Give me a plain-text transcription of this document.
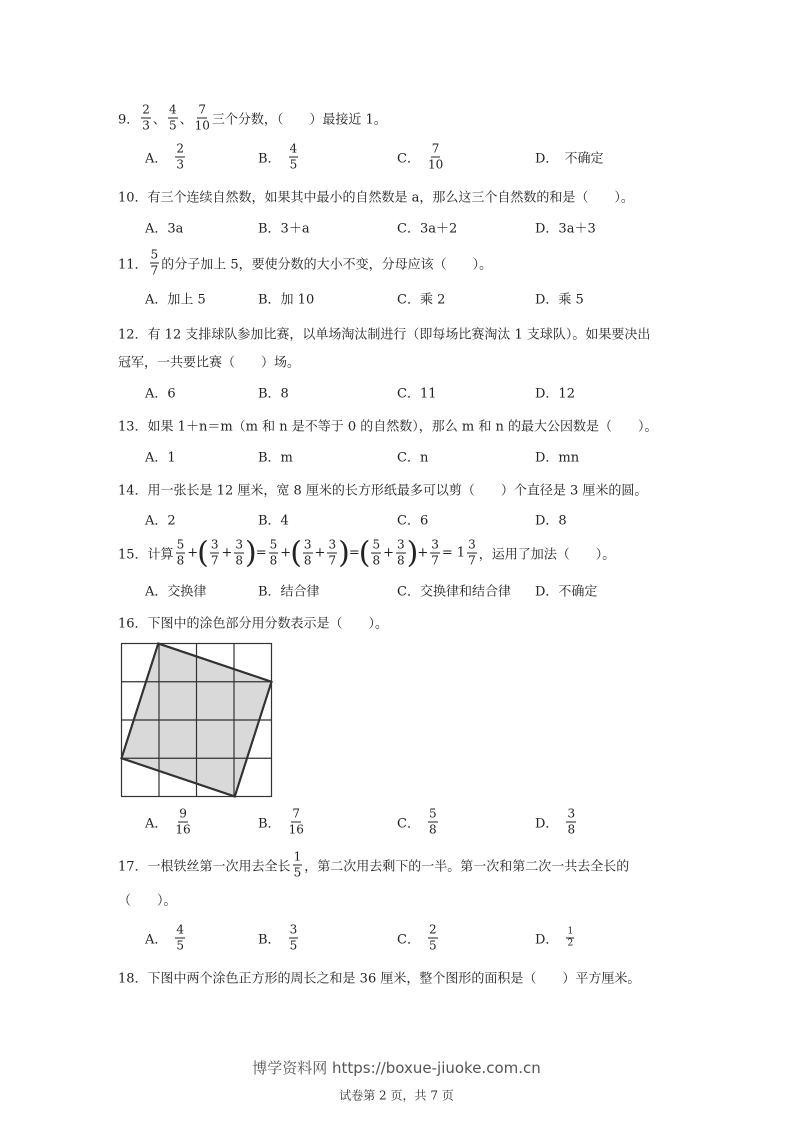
9． $\frac{2}{3}$ 、 $\frac{4}{5}$ 、 $\frac{7}{10}$ 三个分数，（　　）最接近 1。
A． $\frac{2}{3}$	B． $\frac{4}{5}$	C． $\frac{7}{10}$	D． 不确定
10．有三个连续自然数，如果其中最小的自然数是 a，那么这三个自然数的和是（　　）。
A．3a	B．3＋a	C．3a＋2	D．3a＋3
11． $\frac{5}{7}$ 的分子加上 5，要使分数的大小不变，分母应该（　　）。
A．加上 5	B．加 10	C．乘 2	D．乘 5
12．有 12 支排球队参加比赛，以单场淘汰制进行（即每场比赛淘汰 1 支球队）。如果要决出
冠军，一共要比赛（　　）场。
A．6	B．8	C．11	D．12
13．如果 1＋n＝m（m 和 n 是不等于 0 的自然数），那么 m 和 n 的最大公因数是（　　）。
A．1	B．m	C．n	D．mn
14．用一张长是 12 厘米，宽 8 厘米的长方形纸最多可以剪（　　）个直径是 3 厘米的圆。
A．2	B．4	C．6	D．8
15． 计算 $\frac{5}{8}$ + ( $\frac{3}{7} + \frac{3}{8}$ ) = $\frac{5}{8}$ + ( $\frac{3}{8} + \frac{3}{7}$ ) = ( $\frac{5}{8} + \frac{3}{8}$ ) + $\frac{3}{7} = 1 \frac{3}{7}$ ，运用了加法（　　）。
A．交换律	B．结合律	C．交换律和结合律 D．不确定
16．下图中的涂色部分用分数表示是（　　）。
A． $\frac{9}{16}$	B． $\frac{7}{16}$	C． $\frac{5}{8}$	D． $\frac{3}{8}$
17． 一根铁丝第一次用去全长 $\frac{1}{5}$ ，第二次用去剩下的一半。第一次和第二次一共去全长的
（　　）。
A． $\frac{4}{5}$	B． $\frac{3}{5}$	C． $\frac{2}{5}$	D． $\frac{1}{2}$
18．下图中两个涂色正方形的周长之和是 36 厘米，整个图形的面积是（　　）平方厘米。
博学资料网 https://boxue-jiuoke.com.cn
试卷第 2 页，共 7 页
